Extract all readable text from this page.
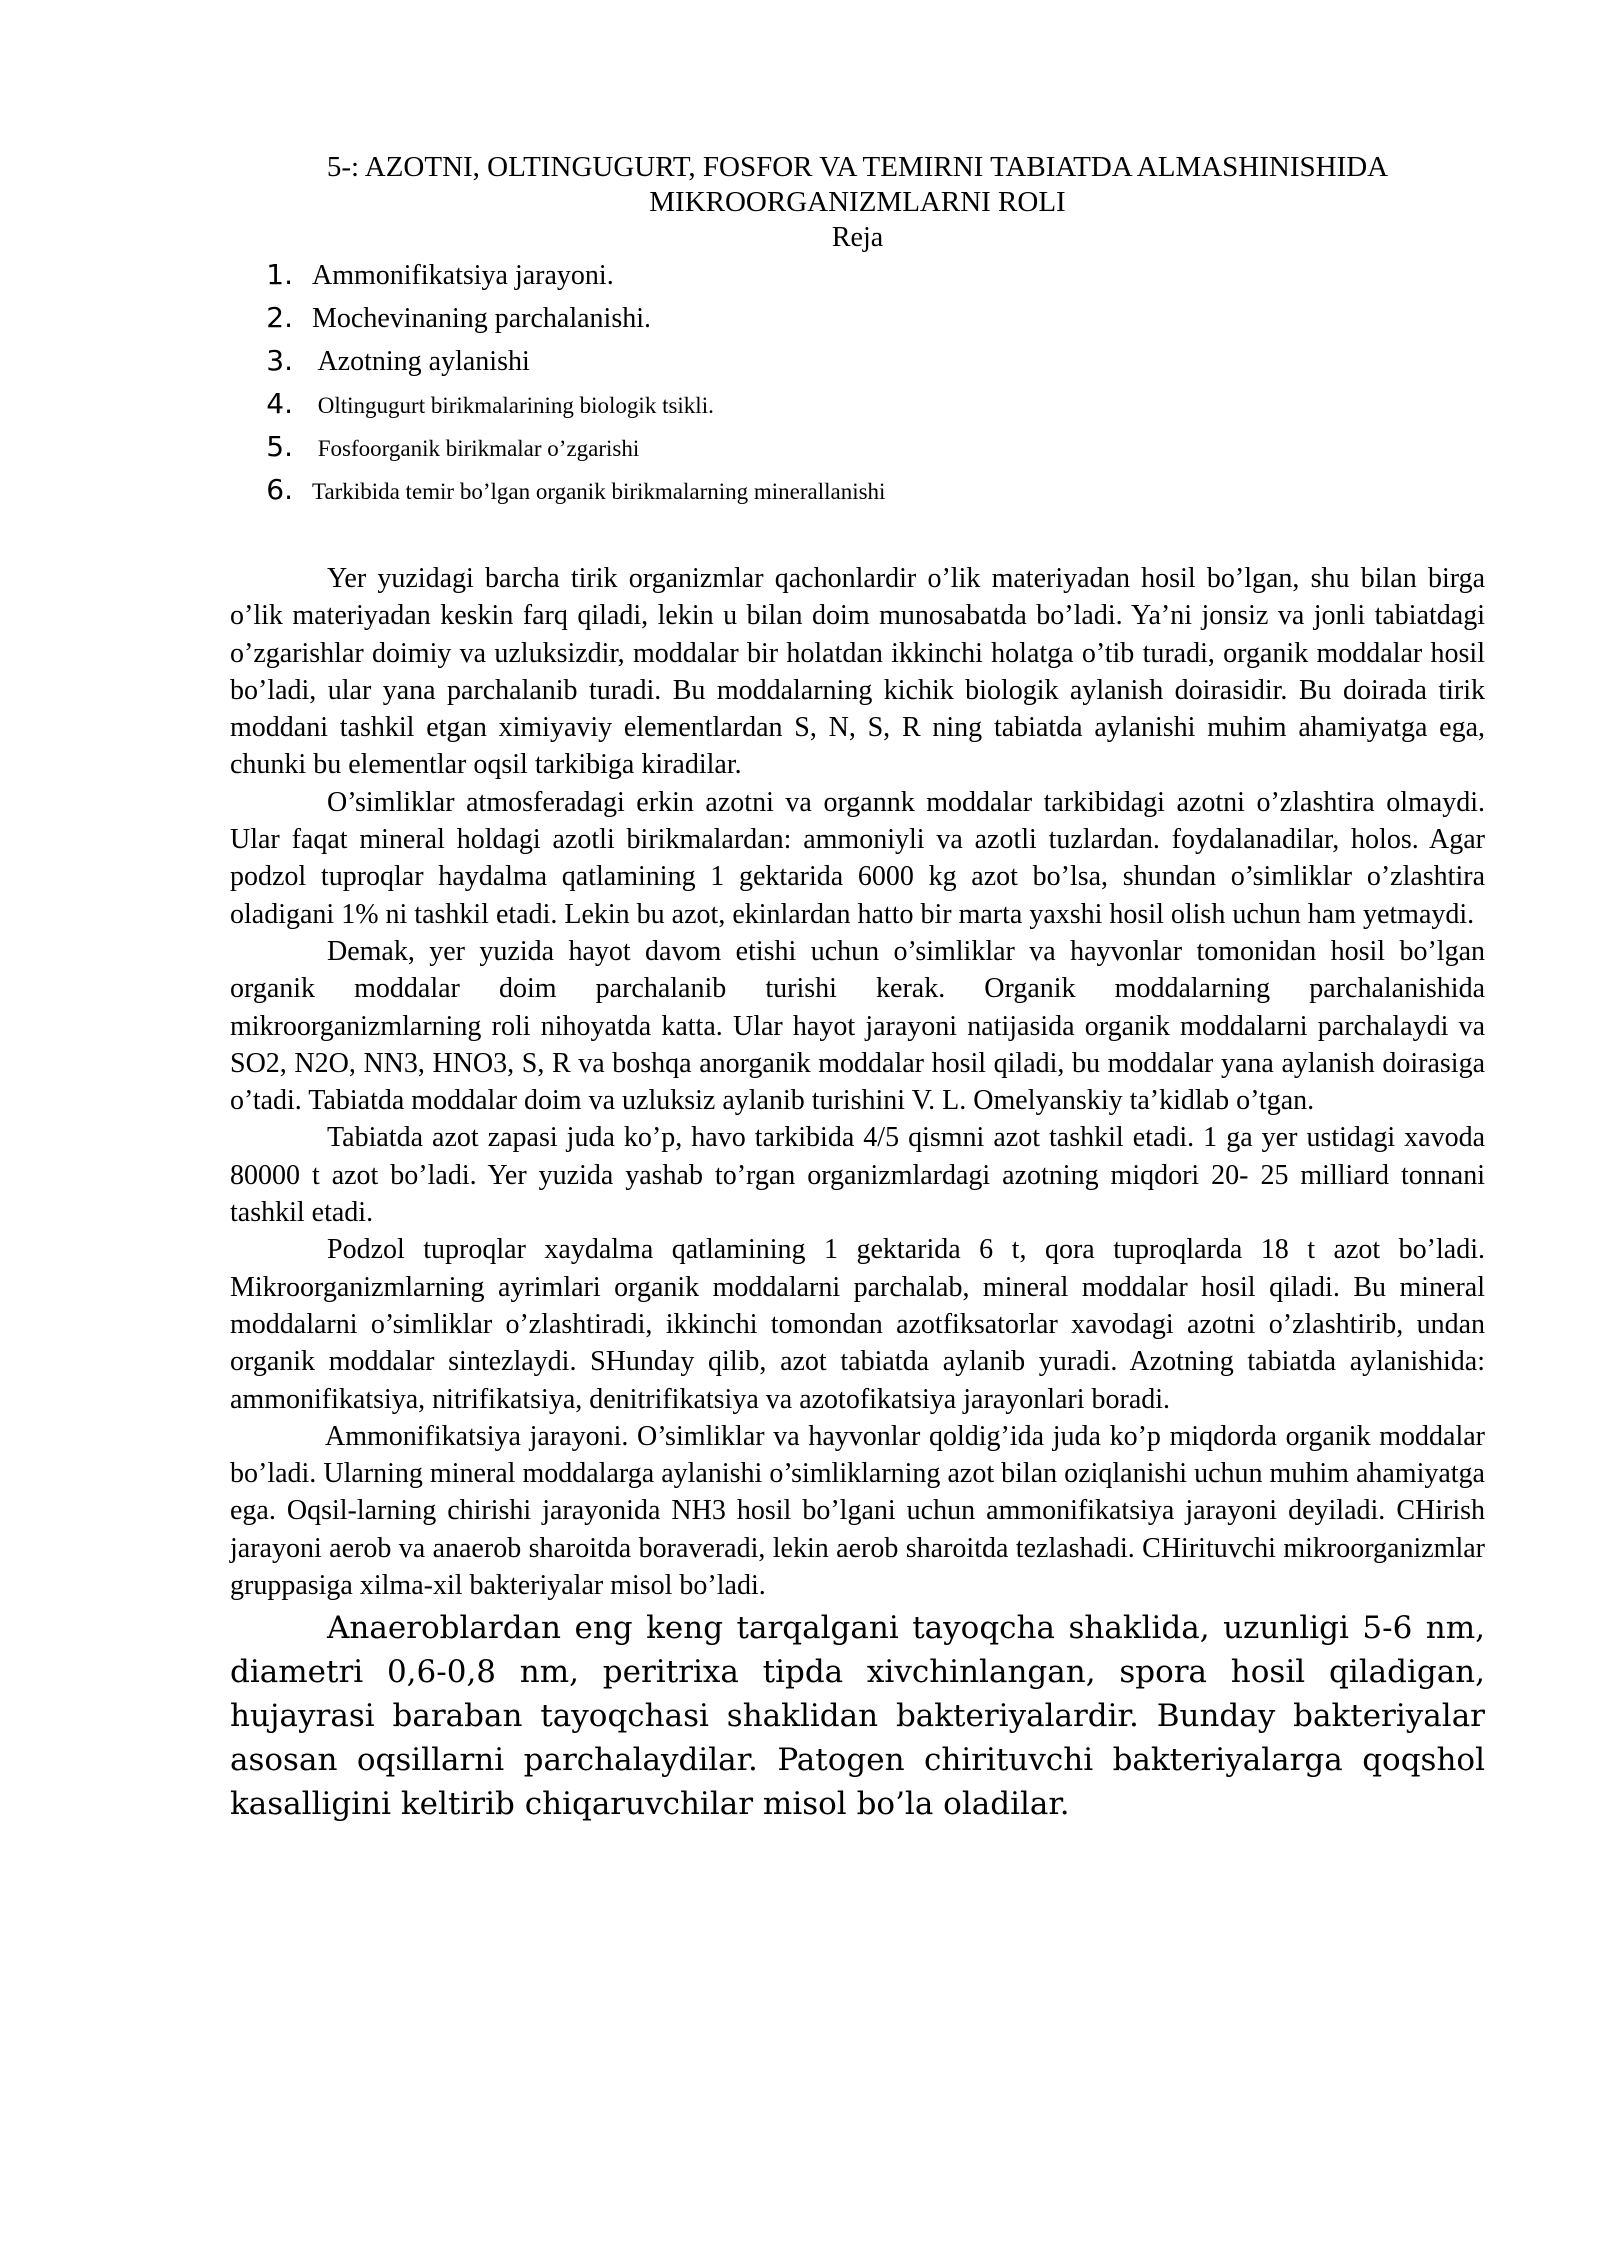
5-: AZOTNI, OLTINGUGURT, FOSFOR VA TEMIRNI TABIATDA ALMASHINISHIDA
MIKROORGANIZMLARNI ROLI
Reja
1. Ammonifikatsiya jarayoni.
2. Mochevinaning parchalanishi.
3. Azotning aylanishi
4. Oltingugurt birikmalarining biologik tsikli.
5. Fosfoorganik birikmalar o’zgarishi
6. Tarkibida temir bo’lgan organik birikmalarning minerallanishi

Yer yuzidagi barcha tirik organizmlar qachonlardir o’lik materiyadan hosil bo’lgan, shu bilan birga o’lik materiyadan keskin farq qiladi, lekin u bilan doim munosabatda bo’ladi. Ya’ni jonsiz va jonli tabiatdagi o’zgarishlar doimiy va uzluksizdir, moddalar bir holatdan ikkinchi holatga o’tib turadi, organik moddalar hosil bo’ladi, ular yana parchalanib turadi. Bu moddalarning kichik biologik aylanish doirasidir. Bu doirada tirik moddani tashkil etgan ximiyaviy elementlardan S, N, S, R ning tabiatda aylanishi muhim ahamiyatga ega, chunki bu elementlar oqsil tarkibiga kiradilar.

O’simliklar atmosferadagi erkin azotni va organnk moddalar tarkibidagi azotni o’zlashtira olmaydi. Ular faqat mineral holdagi azotli birikmalardan: ammoniyli va azotli tuzlardan. foydalanadilar, holos. Agar podzol tuproqlar haydalma qatlamining 1 gektarida 6000 kg azot bo’lsa, shundan o’simliklar o’zlashtira oladigani 1% ni tashkil etadi. Lekin bu azot, ekinlardan hatto bir marta yaxshi hosil olish uchun ham yetmaydi.

Demak, yer yuzida hayot davom etishi uchun o’simliklar va hayvonlar tomonidan hosil bo’lgan organik moddalar doim parchalanib turishi kerak. Organik moddalarning parchalanishida mikroorganizmlarning roli nihoyatda katta. Ular hayot jarayoni natijasida organik moddalarni parchalaydi va SO2, N2O, NN3, HNO3, S, R va boshqa anorganik moddalar hosil qiladi, bu moddalar yana aylanish doirasiga o’tadi. Tabiatda moddalar doim va uzluksiz aylanib turishini V. L. Omelyanskiy ta’kidlab o’tgan.

Tabiatda azot zapasi juda ko’p, havo tarkibida 4/5 qismni azot tashkil etadi. 1 ga yer ustidagi xavoda 80000 t azot bo’ladi. Yer yuzida yashab to’rgan organizmlardagi azotning miqdori 20- 25 milliard tonnani tashkil etadi.

Podzol tuproqlar xaydalma qatlamining 1 gektarida 6 t, qora tuproqlarda 18 t azot bo’ladi. Mikroorganizmlarning ayrimlari organik moddalarni parchalab, mineral moddalar hosil qiladi. Bu mineral moddalarni o’simliklar o’zlashtiradi, ikkinchi tomondan azotfiksatorlar xavodagi azotni o’zlashtirib, undan organik moddalar sintezlaydi. SHunday qilib, azot tabiatda aylanib yuradi. Azotning tabiatda aylanishida: ammonifikatsiya, nitrifikatsiya, denitrifikatsiya va azotofikatsiya jarayonlari boradi.

Ammonifikatsiya jarayoni. O’simliklar va hayvonlar qoldig’ida juda ko’p miqdorda organik moddalar bo’ladi. Ularning mineral moddalarga aylanishi o’simliklarning azot bilan oziqlanishi uchun muhim ahamiyatga ega. Oqsil-larning chirishi jarayonida NH3 hosil bo’lgani uchun ammonifikatsiya jarayoni deyiladi. CHirish jarayoni aerob va anaerob sharoitda boraveradi, lekin aerob sharoitda tezlashadi. CHirituvchi mikroorganizmlar gruppasiga xilma-xil bakteriyalar misol bo’ladi.

Anaeroblardan eng keng tarqalgani tayoqcha shaklida, uzunligi 5-6 nm, diametri 0,6-0,8 nm, peritrixa tipda xivchinlangan, spora hosil qiladigan, hujayrasi baraban tayoqchasi shaklidan bakteriyalardir. Bunday bakteriyalar asosan oqsillarni parchalaydilar. Patogen chirituvchi bakteriyalarga qoqshol kasalligini keltirib chiqaruvchilar misol bo’la oladilar.
